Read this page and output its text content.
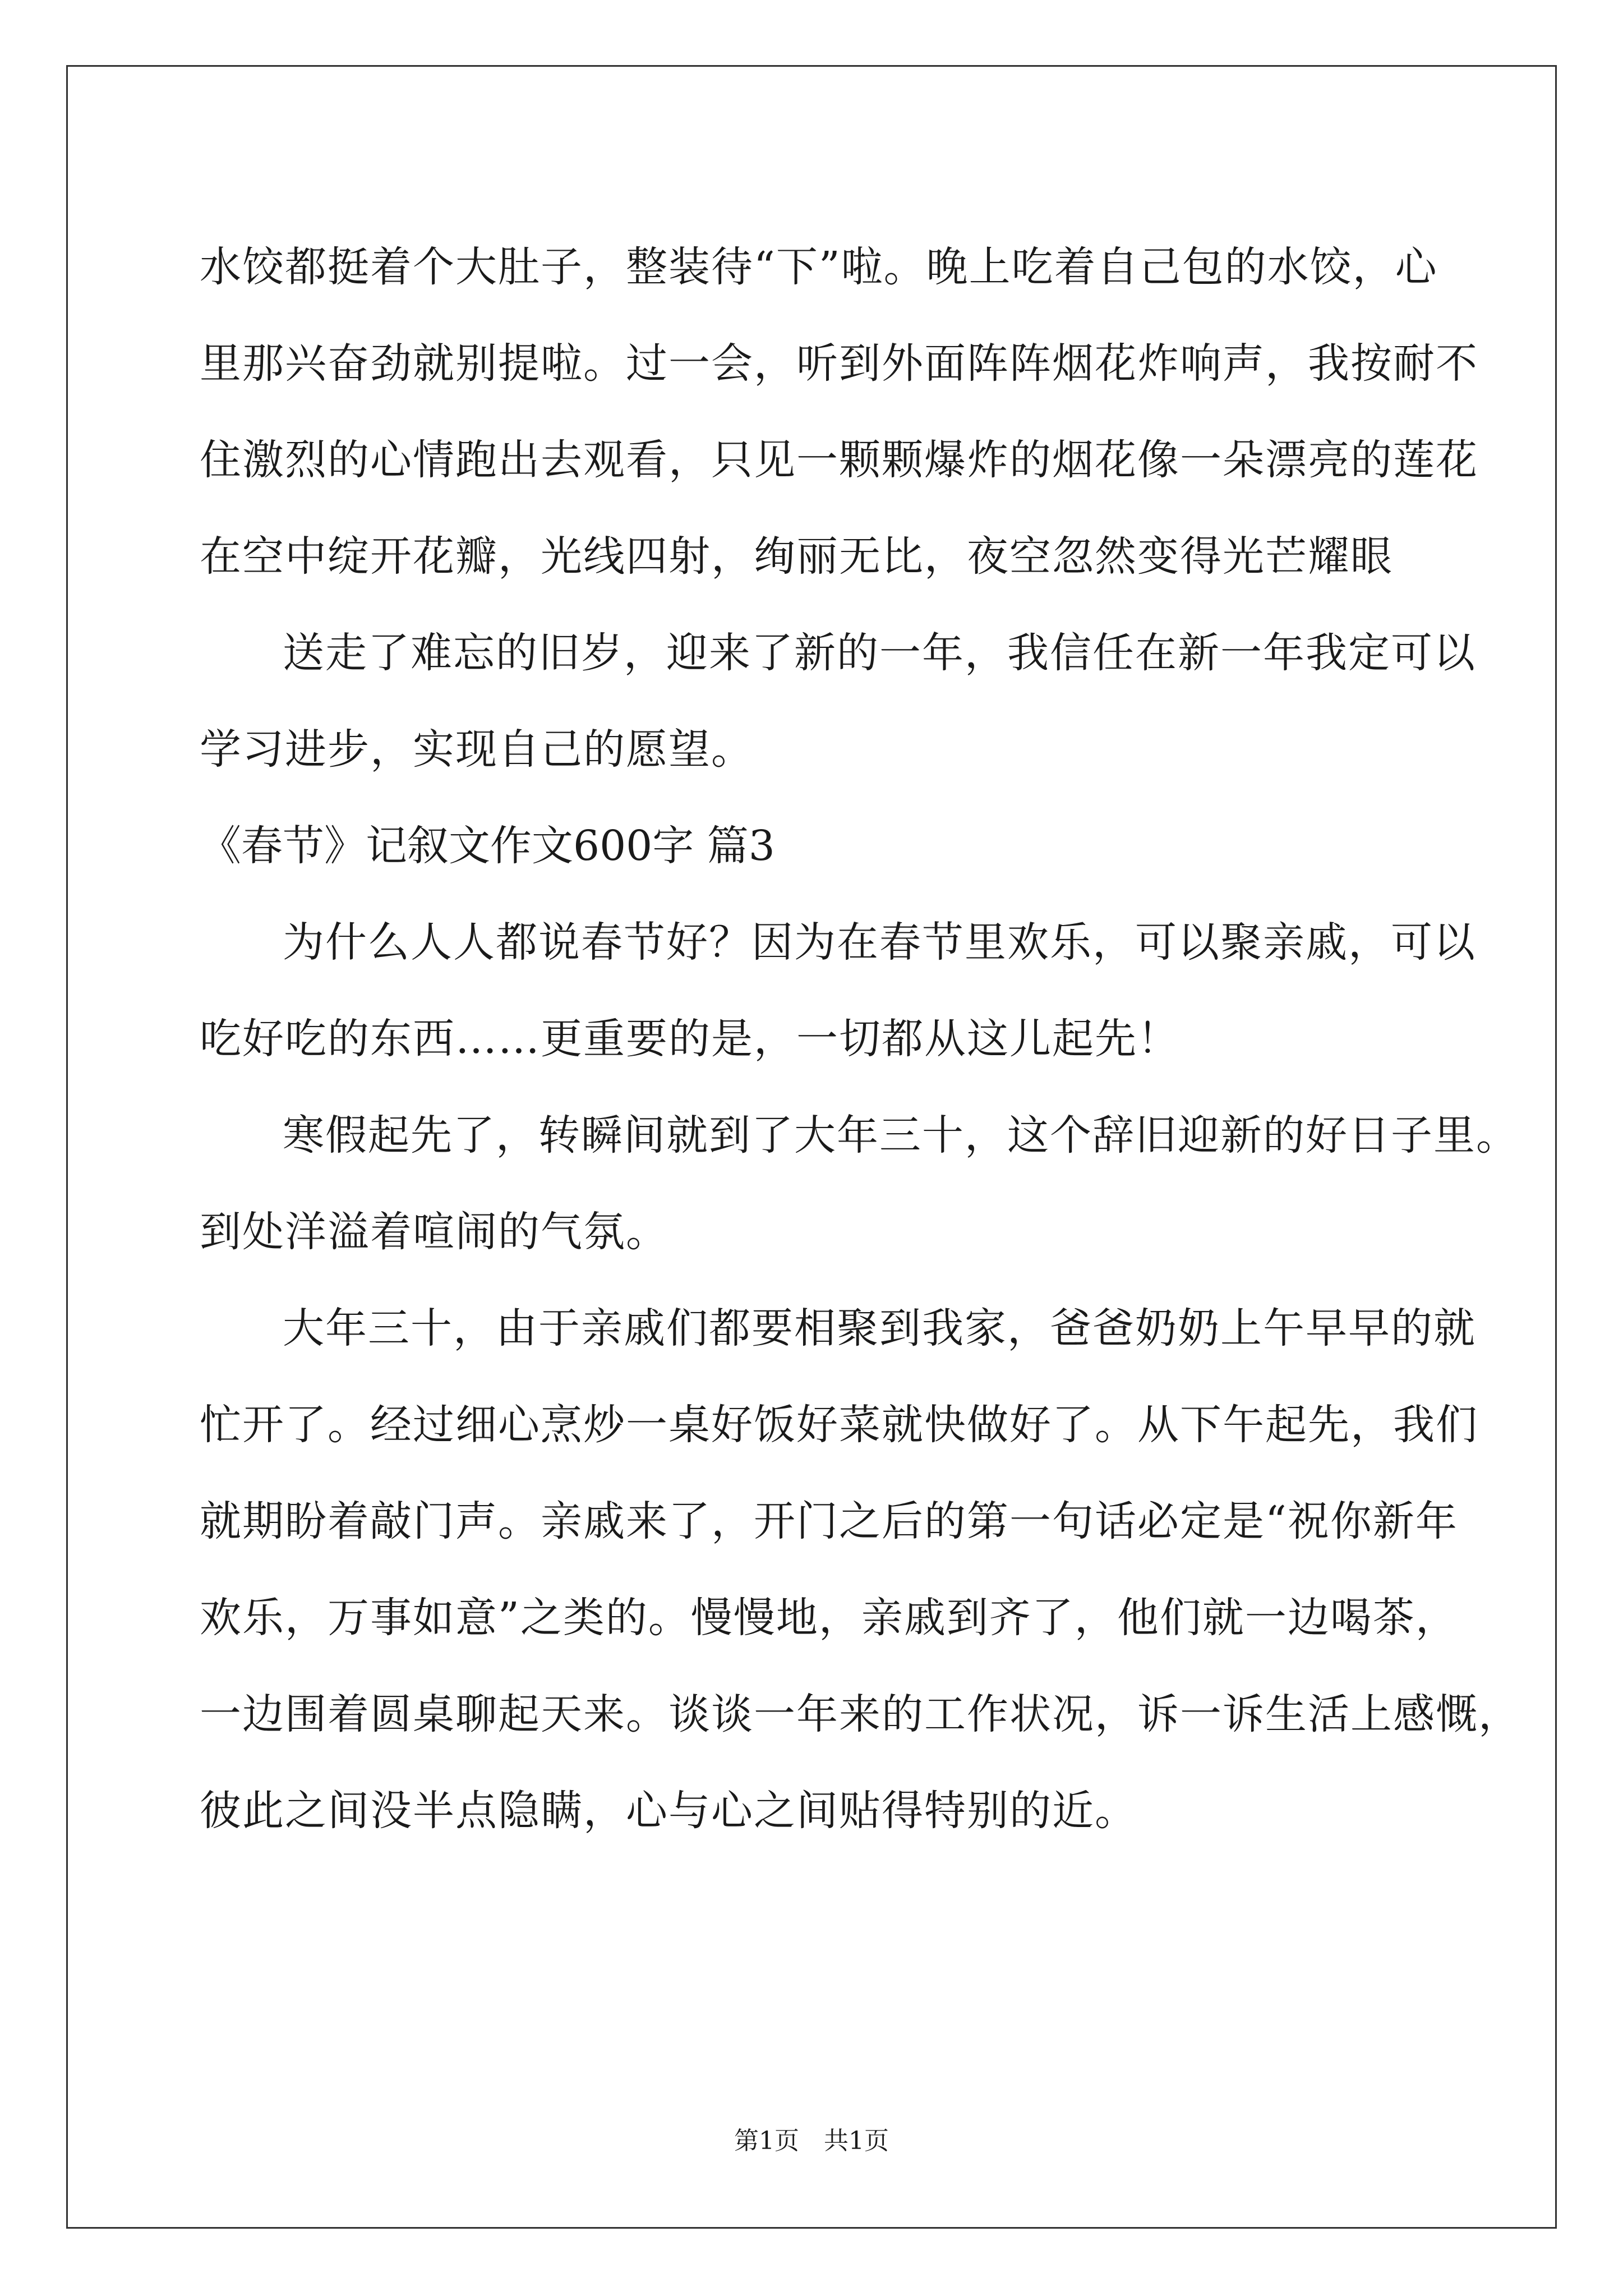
水饺都挺着个大肚子，整装待“下”啦。晚上吃着自己包的水饺，心
里那兴奋劲就别提啦。过一会，听到外面阵阵烟花炸响声，我按耐不
住激烈的心情跑出去观看，只见一颗颗爆炸的烟花像一朵漂亮的莲花
在空中绽开花瓣，光线四射，绚丽无比，夜空忽然变得光芒耀眼
送走了难忘的旧岁，迎来了新的一年，我信任在新一年我定可以
学习进步，实现自己的愿望。
《春节》记叙文作文600字 篇3
为什么人人都说春节好？因为在春节里欢乐，可以聚亲戚，可以
吃好吃的东西……更重要的是，一切都从这儿起先！
寒假起先了，转瞬间就到了大年三十，这个辞旧迎新的好日子里。
到处洋溢着喧闹的气氛。
大年三十，由于亲戚们都要相聚到我家，爸爸奶奶上午早早的就
忙开了。经过细心烹炒一桌好饭好菜就快做好了。从下午起先，我们
就期盼着敲门声。亲戚来了，开门之后的第一句话必定是“祝你新年
欢乐，万事如意”之类的。慢慢地，亲戚到齐了，他们就一边喝茶，
一边围着圆桌聊起天来。谈谈一年来的工作状况，诉一诉生活上感慨，
彼此之间没半点隐瞒，心与心之间贴得特别的近。
第1页　共1页
